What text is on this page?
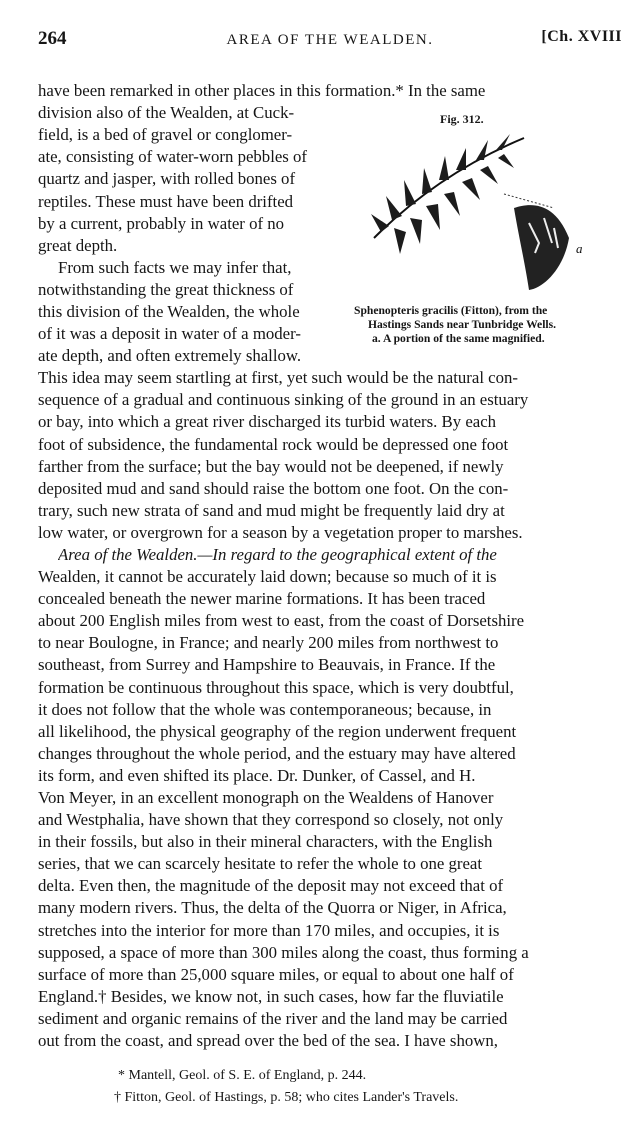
264	AREA OF THE WEALDEN.	[Ch. XVIII
have been remarked in other places in this formation.* In the same
division also of the Wealden, at Cuck-
field, is a bed of gravel or conglomer-
ate, consisting of water-worn pebbles of
quartz and jasper, with rolled bones of
reptiles. These must have been drifted
by a current, probably in water of no
great depth.
From such facts we may infer that,
notwithstanding the great thickness of
this division of the Wealden, the whole
of it was a deposit in water of a moder-
ate depth, and often extremely shallow.
This idea may seem startling at first, yet such would be the natural con-
sequence of a gradual and continuous sinking of the ground in an estuary
or bay, into which a great river discharged its turbid waters. By each
foot of subsidence, the fundamental rock would be depressed one foot
farther from the surface; but the bay would not be deepened, if newly
deposited mud and sand should raise the bottom one foot. On the con-
trary, such new strata of sand and mud might be frequently laid dry at
low water, or overgrown for a season by a vegetation proper to marshes.
Area of the Wealden.—In regard to the geographical extent of the
Wealden, it cannot be accurately laid down; because so much of it is
concealed beneath the newer marine formations. It has been traced
about 200 English miles from west to east, from the coast of Dorsetshire
to near Boulogne, in France; and nearly 200 miles from northwest to
southeast, from Surrey and Hampshire to Beauvais, in France. If the
formation be continuous throughout this space, which is very doubtful,
it does not follow that the whole was contemporaneous; because, in
all likelihood, the physical geography of the region underwent frequent
changes throughout the whole period, and the estuary may have altered
its form, and even shifted its place. Dr. Dunker, of Cassel, and H.
Von Meyer, in an excellent monograph on the Wealdens of Hanover
and Westphalia, have shown that they correspond so closely, not only
in their fossils, but also in their mineral characters, with the English
series, that we can scarcely hesitate to refer the whole to one great
delta. Even then, the magnitude of the deposit may not exceed that of
many modern rivers. Thus, the delta of the Quorra or Niger, in Africa,
stretches into the interior for more than 170 miles, and occupies, it is
supposed, a space of more than 300 miles along the coast, thus forming a
surface of more than 25,000 square miles, or equal to about one half of
England.† Besides, we know not, in such cases, how far the fluviatile
sediment and organic remains of the river and the land may be carried
out from the coast, and spread over the bed of the sea. I have shown,
Fig. 312.
a
Sphenopteris gracilis (Fitton), from the
Hastings Sands near Tunbridge Wells.
a. A portion of the same magnified.
* Mantell, Geol. of S. E. of England, p. 244.
† Fitton, Geol. of Hastings, p. 58; who cites Lander's Travels.
